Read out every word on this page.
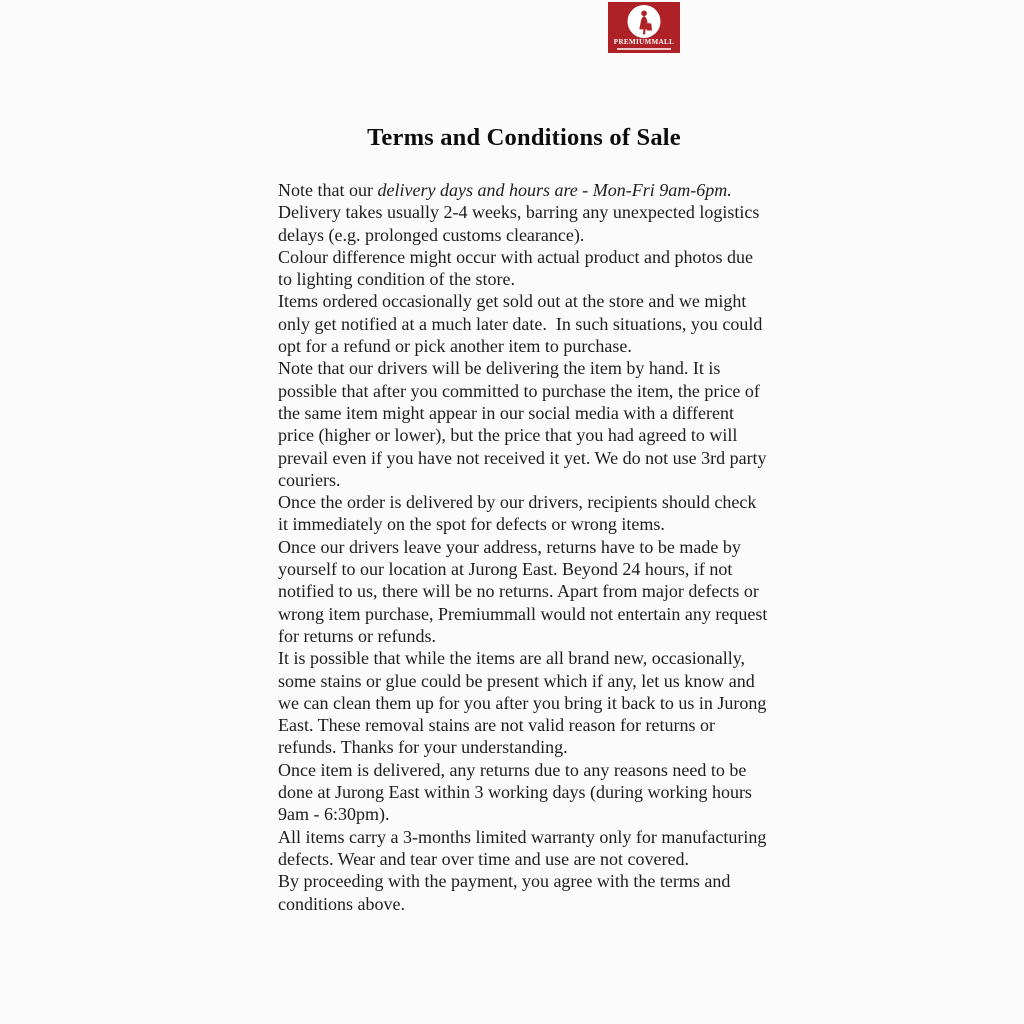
PREMIUMMALL
Terms and Conditions of Sale

Note that our delivery days and hours are - Mon-Fri 9am-6pm.

Delivery takes usually 2-4 weeks, barring any unexpected logistics delays (e.g. prolonged customs clearance).

Colour difference might occur with actual product and photos due to lighting condition of the store.

Items ordered occasionally get sold out at the store and we might only get notified at a much later date.  In such situations, you could opt for a refund or pick another item to purchase.

Note that our drivers will be delivering the item by hand. It is possible that after you committed to purchase the item, the price of the same item might appear in our social media with a different price (higher or lower), but the price that you had agreed to will prevail even if you have not received it yet. We do not use 3rd party couriers.

Once the order is delivered by our drivers, recipients should check it immediately on the spot for defects or wrong items.

Once our drivers leave your address, returns have to be made by yourself to our location at Jurong East. Beyond 24 hours, if not notified to us, there will be no returns. Apart from major defects or wrong item purchase, Premiummall would not entertain any request for returns or refunds.

It is possible that while the items are all brand new, occasionally, some stains or glue could be present which if any, let us know and we can clean them up for you after you bring it back to us in Jurong East. These removal stains are not valid reason for returns or refunds. Thanks for your understanding.

Once item is delivered, any returns due to any reasons need to be done at Jurong East within 3 working days (during working hours 9am - 6:30pm).

All items carry a 3-months limited warranty only for manufacturing defects. Wear and tear over time and use are not covered.

By proceeding with the payment, you agree with the terms and conditions above.
